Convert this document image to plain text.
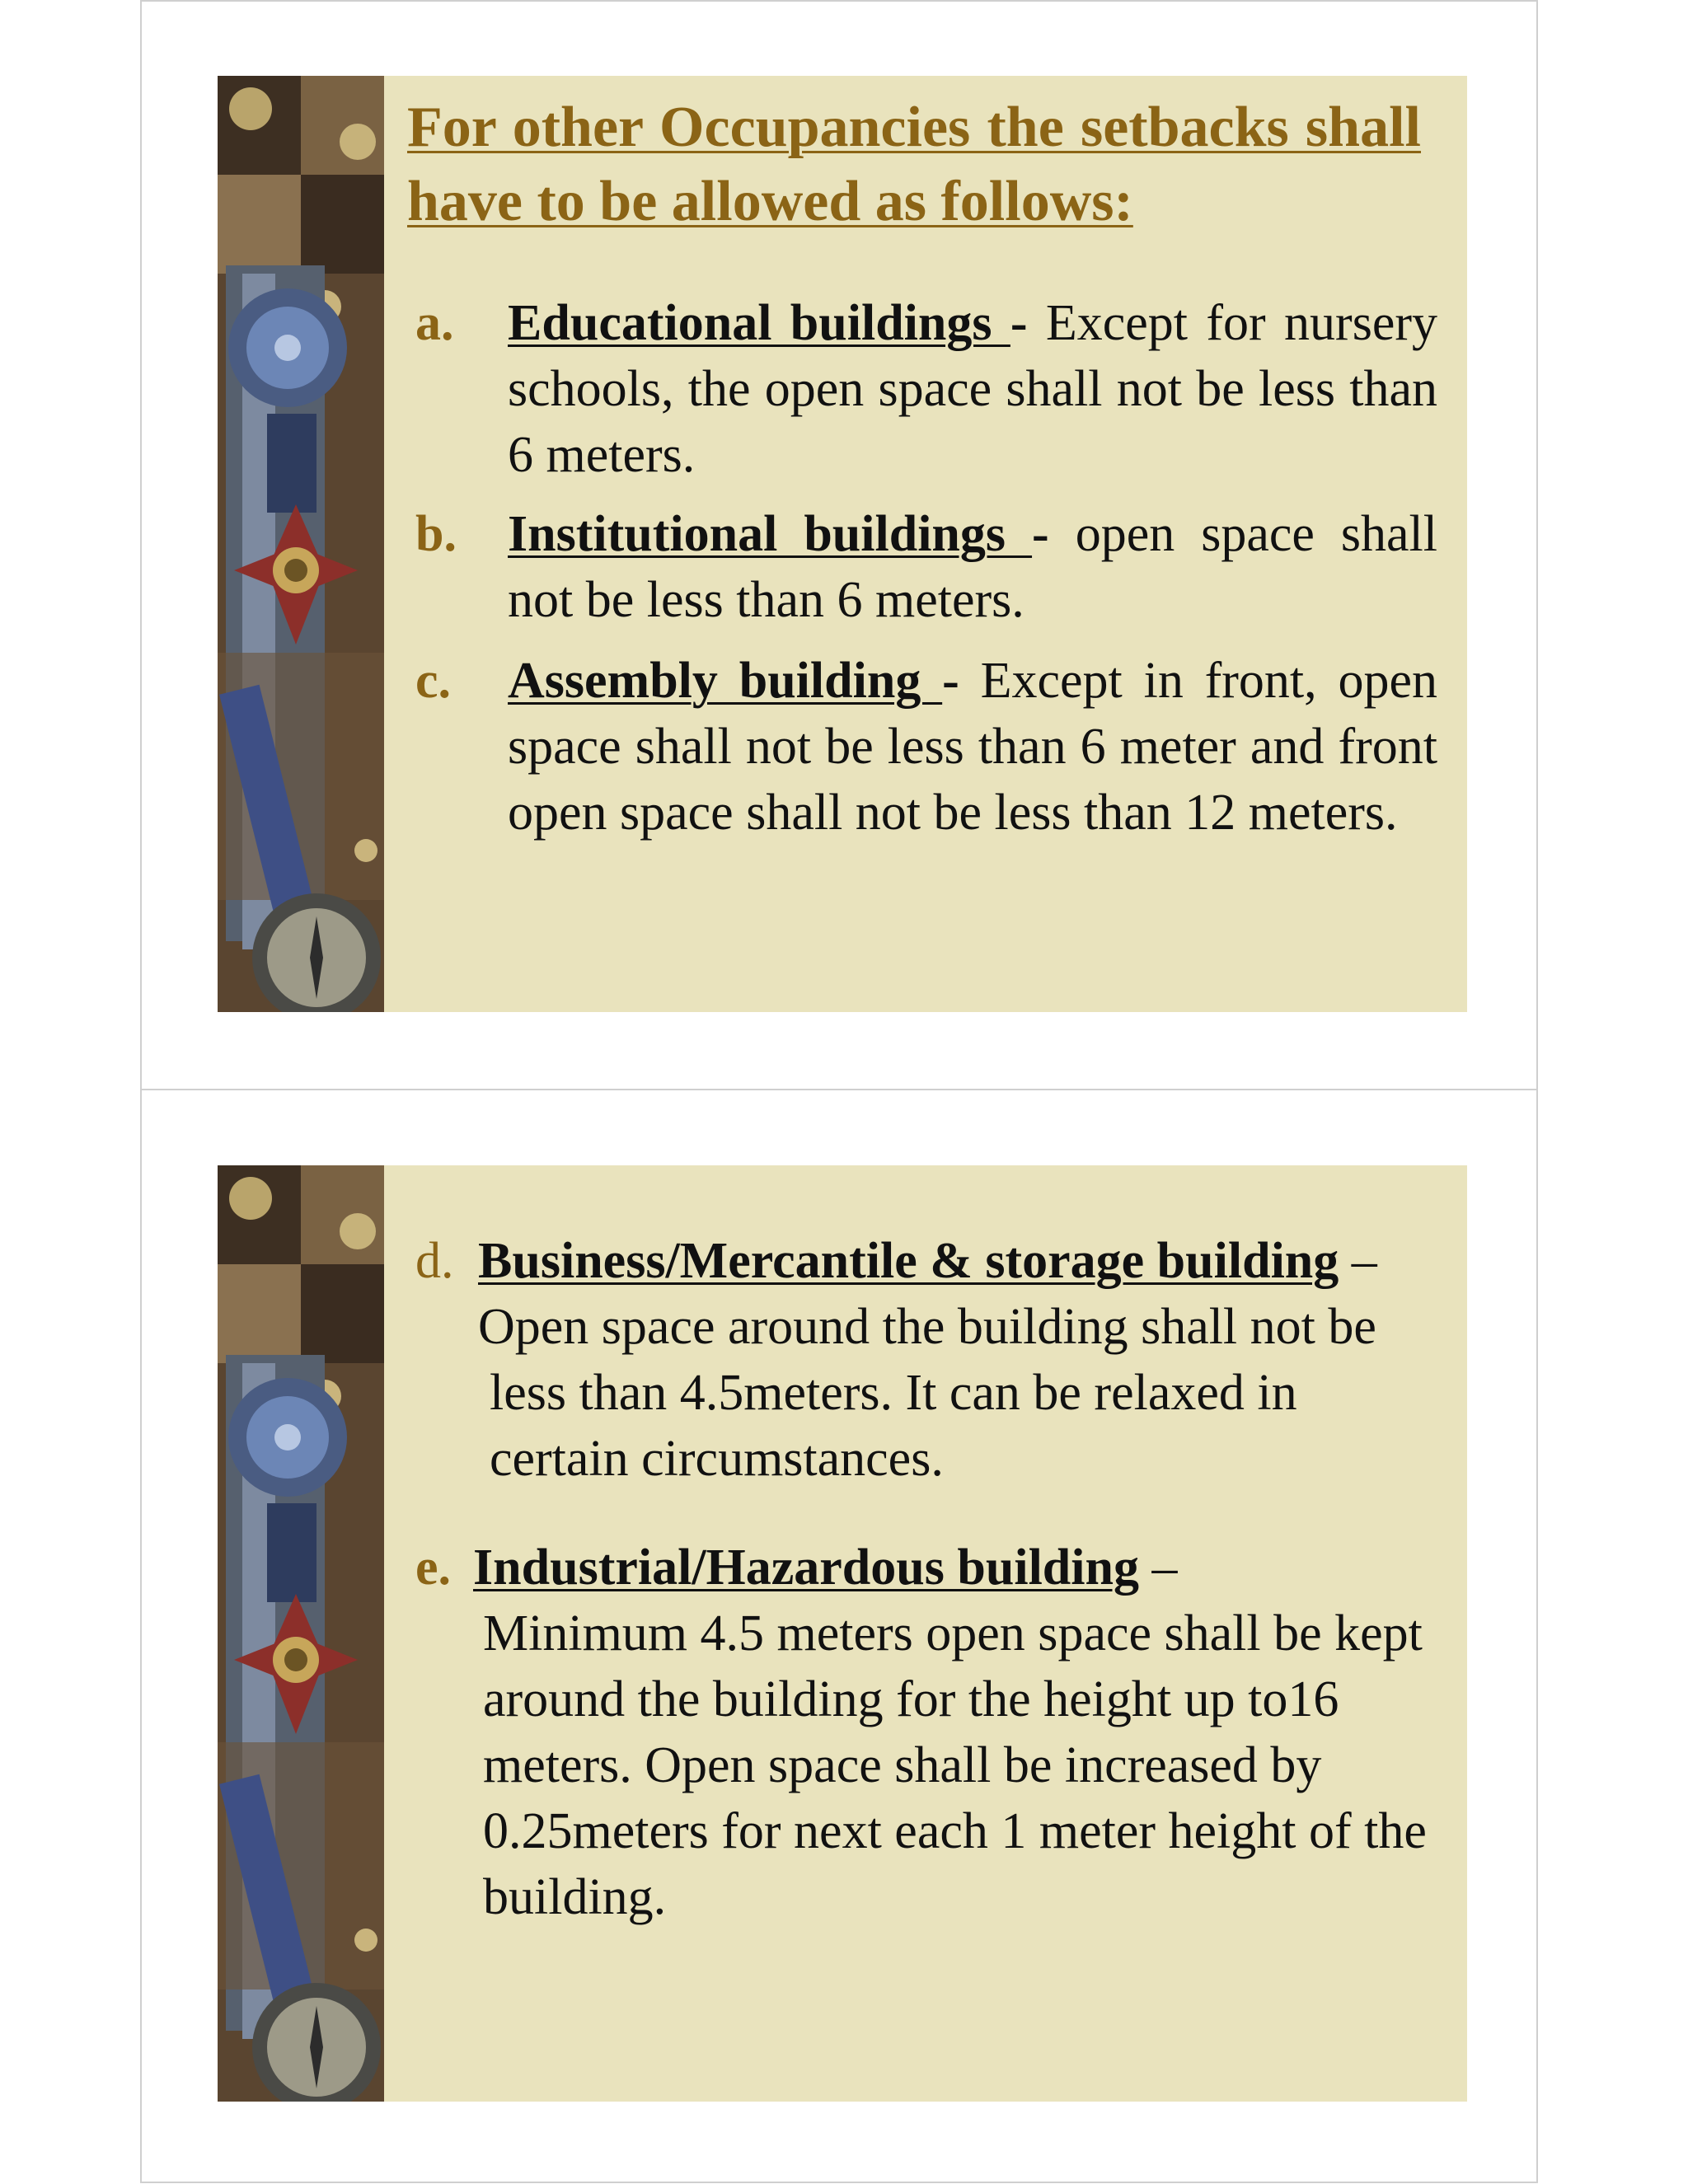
For other Occupancies the setbacks shall have to be allowed as follows:
a. Educational buildings - Except for nursery schools, the open space shall not be less than 6 meters.
b. Institutional buildings - open space shall not be less than 6 meters.
c. Assembly building - Except in front, open space shall not be less than 6 meter and front open space shall not be less than 12 meters.
d. Business/Mercantile & storage building –
Open space around the building shall not be
less than 4.5meters. It can be relaxed in
certain circumstances.
e. Industrial/Hazardous building –
Minimum 4.5 meters open space shall be kept around the building for the height up to16 meters. Open space shall be increased by 0.25meters for next each 1 meter height of the building.
